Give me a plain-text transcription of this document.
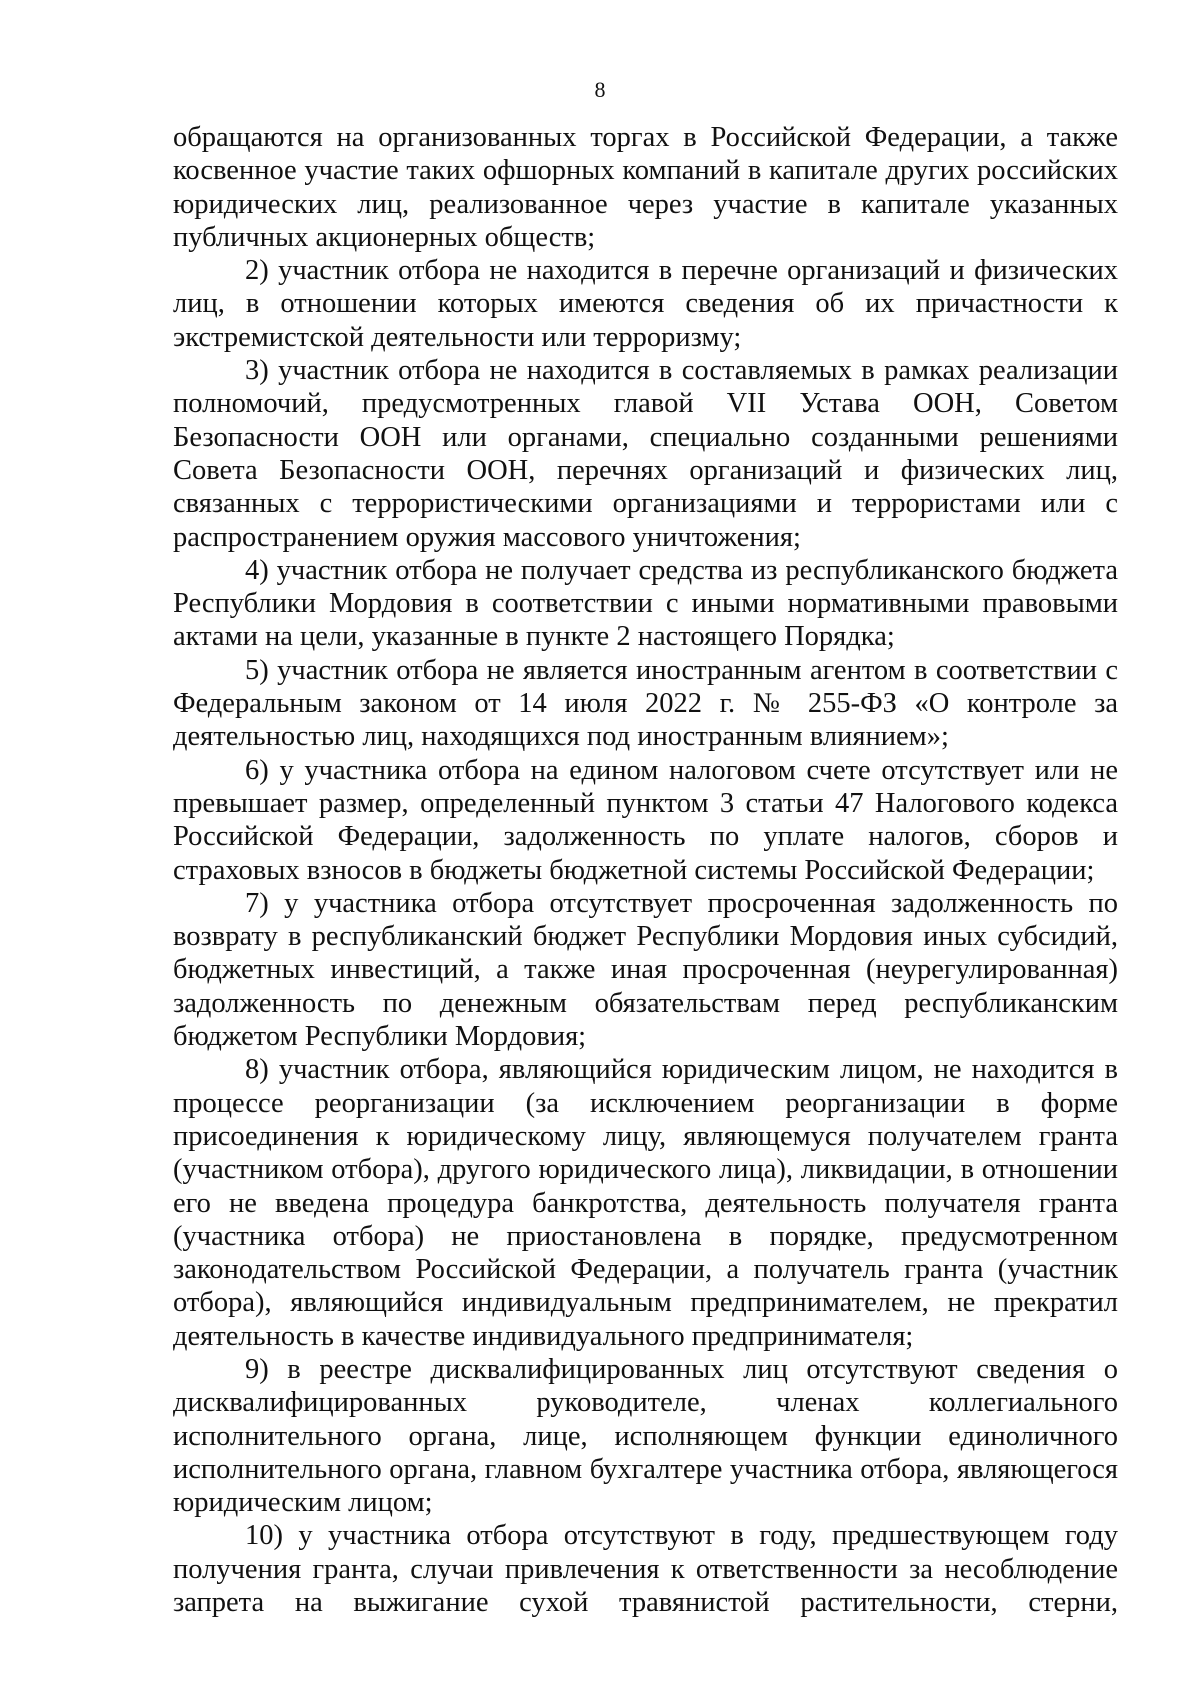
8

обращаются на организованных торгах в Российской Федерации, а также косвенное участие таких офшорных компаний в капитале других российских юридических лиц, реализованное через участие в капитале указанных публичных акционерных обществ;

2) участник отбора не находится в перечне организаций и физических лиц, в отношении которых имеются сведения об их причастности к экстремистской деятельности или терроризму;

3) участник отбора не находится в составляемых в рамках реализации полномочий, предусмотренных главой VII Устава ООН, Советом Безопасности ООН или органами, специально созданными решениями Совета Безопасности ООН, перечнях организаций и физических лиц, связанных с террористическими организациями и террористами или с распространением оружия массового уничтожения;

4) участник отбора не получает средства из республиканского бюджета Республики Мордовия в соответствии с иными нормативными правовыми актами на цели, указанные в пункте 2 настоящего Порядка;

5) участник отбора не является иностранным агентом в соответствии с Федеральным законом от 14 июля 2022 г. № 255-ФЗ «О контроле за деятельностью лиц, находящихся под иностранным влиянием»;

6) у участника отбора на едином налоговом счете отсутствует или не превышает размер, определенный пунктом 3 статьи 47 Налогового кодекса Российской Федерации, задолженность по уплате налогов, сборов и страховых взносов в бюджеты бюджетной системы Российской Федерации;

7) у участника отбора отсутствует просроченная задолженность по возврату в республиканский бюджет Республики Мордовия иных субсидий, бюджетных инвестиций, а также иная просроченная (неурегулированная) задолженность по денежным обязательствам перед республиканским бюджетом Республики Мордовия;

8) участник отбора, являющийся юридическим лицом, не находится в процессе реорганизации (за исключением реорганизации в форме присоединения к юридическому лицу, являющемуся получателем гранта (участником отбора), другого юридического лица), ликвидации, в отношении его не введена процедура банкротства, деятельность получателя гранта (участника отбора) не приостановлена в порядке, предусмотренном законодательством Российской Федерации, а получатель гранта (участник отбора), являющийся индивидуальным предпринимателем, не прекратил деятельность в качестве индивидуального предпринимателя;

9) в реестре дисквалифицированных лиц отсутствуют сведения о дисквалифицированных руководителе, членах коллегиального исполнительного органа, лице, исполняющем функции единоличного исполнительного органа, главном бухгалтере участника отбора, являющегося юридическим лицом;

10) у участника отбора отсутствуют в году, предшествующем году получения гранта, случаи привлечения к ответственности за несоблюдение запрета на выжигание сухой травянистой растительности, стерни,
